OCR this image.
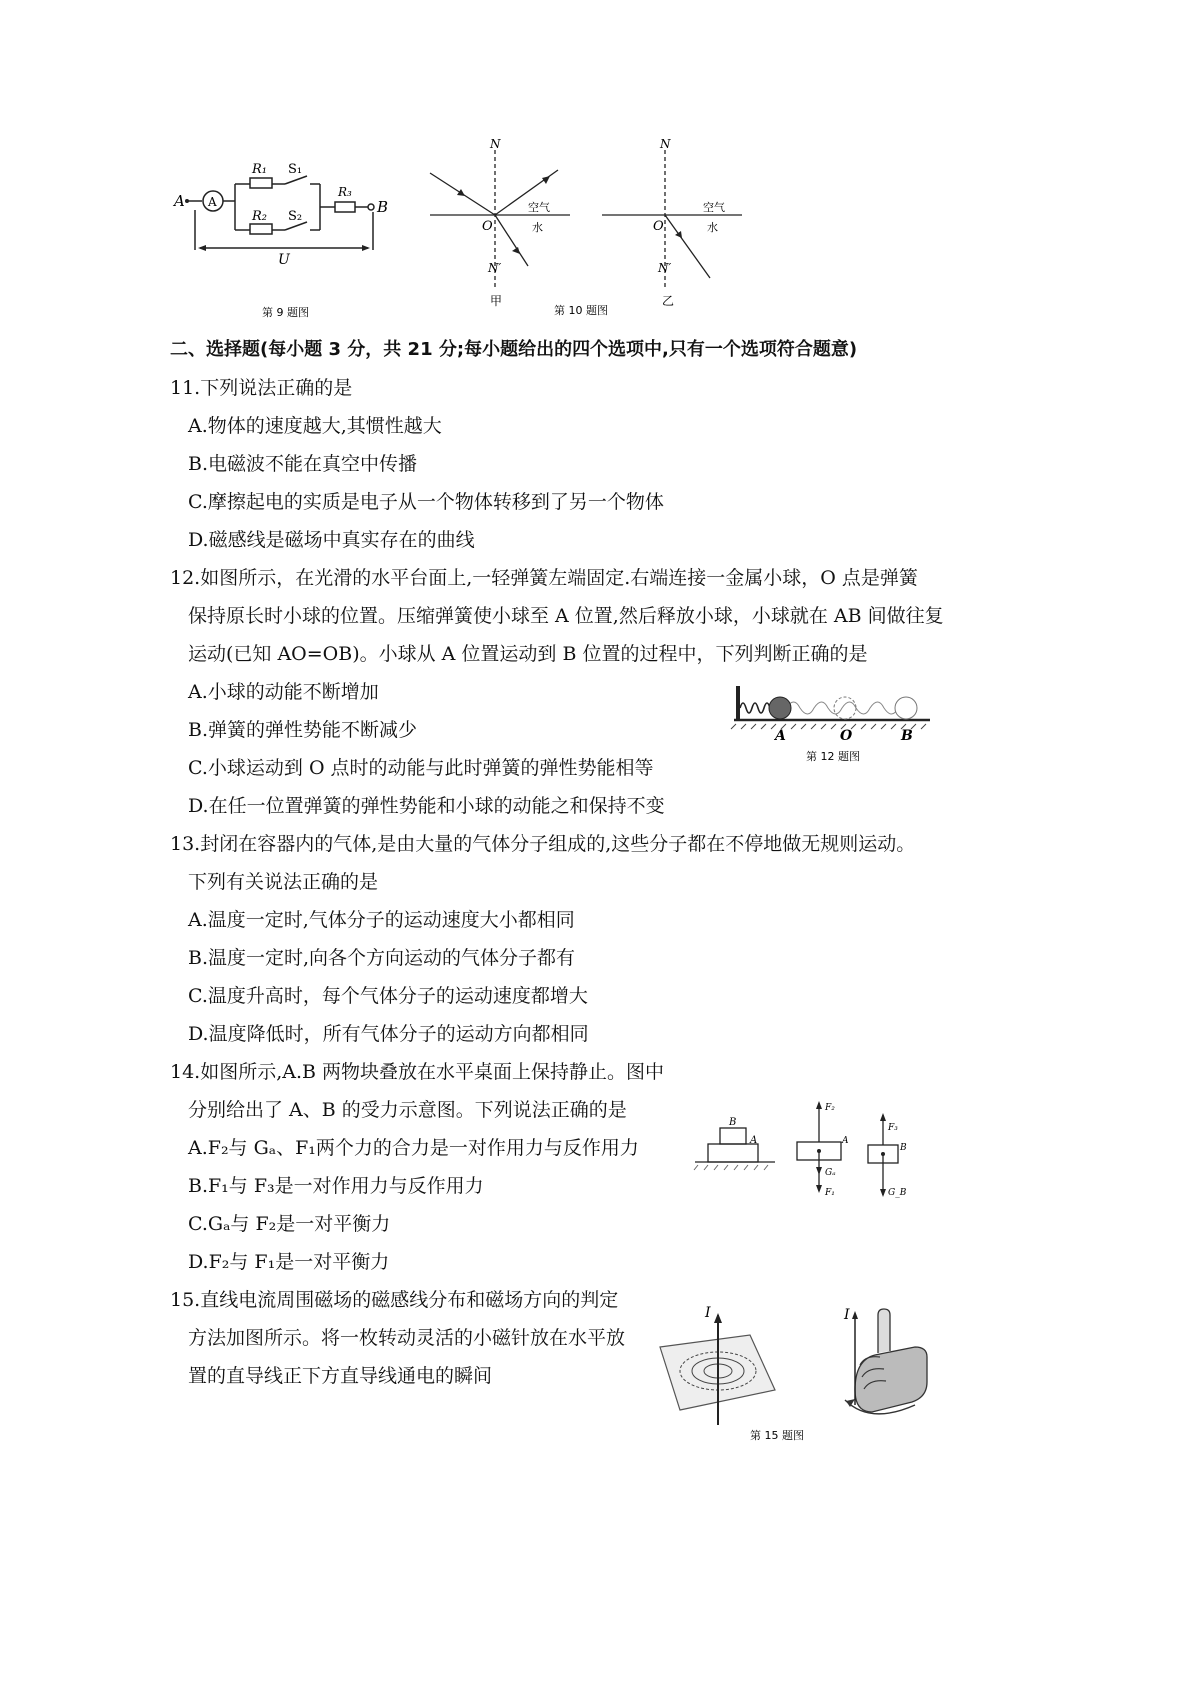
A A
R₁ S₁
R₂ S₂
R₃
B
U
第 9 题图
N
O
空气
水
N′
甲
N
O
空气
水
N′
乙
第 10 题图
二、选择题(每小题 3 分，共 21 分;每小题给出的四个选项中,只有一个选项符合题意)
11.下列说法正确的是
A.物体的速度越大,其惯性越大
B.电磁波不能在真空中传播
C.摩擦起电的实质是电子从一个物体转移到了另一个物体
D.磁感线是磁场中真实存在的曲线
12.如图所示，在光滑的水平台面上,一轻弹簧左端固定.右端连接一金属小球，O 点是弹簧
保持原长时小球的位置。压缩弹簧使小球至 A 位置,然后释放小球，小球就在 AB 间做往复
运动(已知 AO=OB)。小球从 A 位置运动到 B 位置的过程中，下列判断正确的是
A.小球的动能不断增加
B.弹簧的弹性势能不断减少
C.小球运动到 O 点时的动能与此时弹簧的弹性势能相等
D.在任一位置弹簧的弹性势能和小球的动能之和保持不变
A	O	B
第 12 题图
13.封闭在容器内的气体,是由大量的气体分子组成的,这些分子都在不停地做无规则运动。
下列有关说法正确的是
A.温度一定时,气体分子的运动速度大小都相同
B.温度一定时,向各个方向运动的气体分子都有
C.温度升高时，每个气体分子的运动速度都增大
D.温度降低时，所有气体分子的运动方向都相同
14.如图所示,A.B 两物块叠放在水平桌面上保持静止。图中
分别给出了 A、B 的受力示意图。下列说法正确的是
A.F₂与 Gₐ、F₁两个力的合力是一对作用力与反作用力
B.F₁与 F₃是一对作用力与反作用力
C.Gₐ与 F₂是一对平衡力
D.F₂与 F₁是一对平衡力
B
A
F₂
A
Gₐ
F₁
F₃
B
G_B
15.直线电流周围磁场的磁感线分布和磁场方向的判定
方法加图所示。将一枚转动灵活的小磁针放在水平放
置的直导线正下方直导线通电的瞬间
I	I
第 15 题图
